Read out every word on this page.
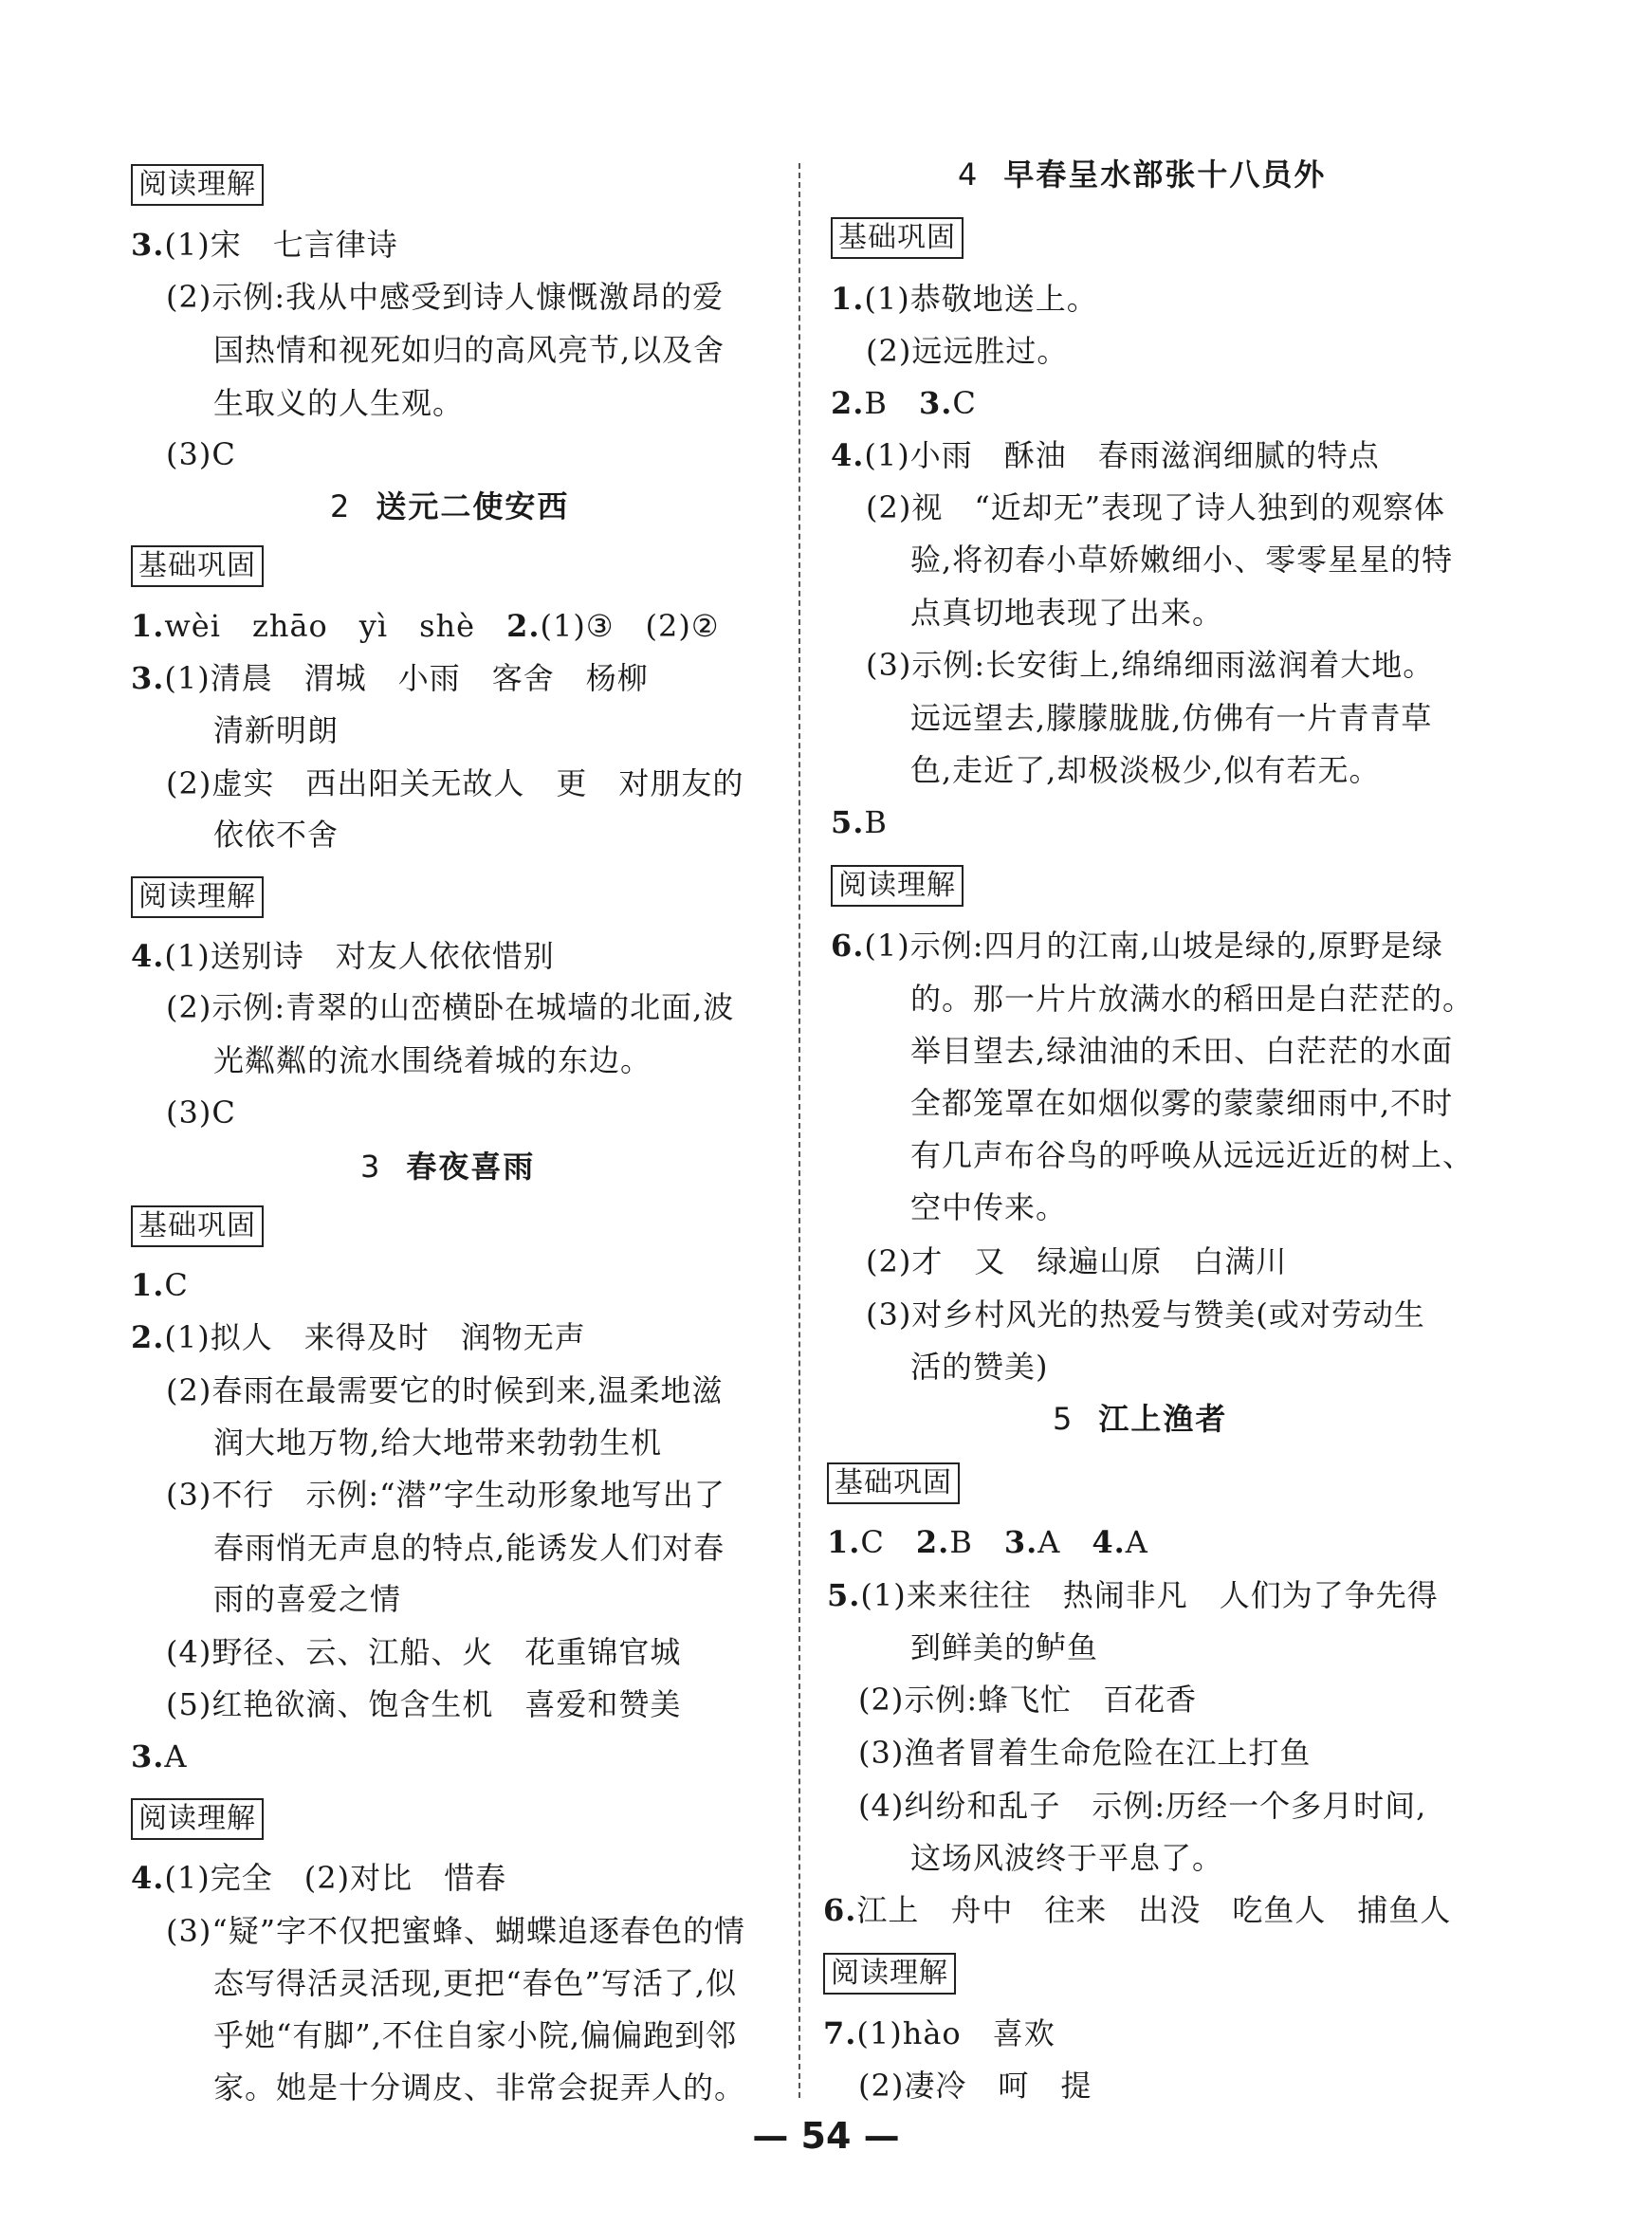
阅读理解
3.(1)宋　七言律诗
(2)示例:我从中感受到诗人慷慨激昂的爱
国热情和视死如归的高风亮节,以及舍
生取义的人生观。
(3)C
2 送元二使安西
基础巩固
1.wèi　zhāo　yì　shè　2.(1)③　(2)②
3.(1)清晨　渭城　小雨　客舍　杨柳
清新明朗
(2)虚实　西出阳关无故人　更　对朋友的
依依不舍
阅读理解
4.(1)送别诗　对友人依依惜别
(2)示例:青翠的山峦横卧在城墙的北面,波
光粼粼的流水围绕着城的东边。
(3)C
3 春夜喜雨
基础巩固
1.C
2.(1)拟人　来得及时　润物无声
(2)春雨在最需要它的时候到来,温柔地滋
润大地万物,给大地带来勃勃生机
(3)不行　示例:“潜”字生动形象地写出了
春雨悄无声息的特点,能诱发人们对春
雨的喜爱之情
(4)野径、云、江船、火　花重锦官城
(5)红艳欲滴、饱含生机　喜爱和赞美
3.A
阅读理解
4.(1)完全　(2)对比　惜春
(3)“疑”字不仅把蜜蜂、蝴蝶追逐春色的情
态写得活灵活现,更把“春色”写活了,似
乎她“有脚”,不住自家小院,偏偏跑到邻
家。她是十分调皮、非常会捉弄人的。
4 早春呈水部张十八员外
基础巩固
1.(1)恭敬地送上。
(2)远远胜过。
2.B　3.C
4.(1)小雨　酥油　春雨滋润细腻的特点
(2)视　“近却无”表现了诗人独到的观察体
验,将初春小草娇嫩细小、零零星星的特
点真切地表现了出来。
(3)示例:长安街上,绵绵细雨滋润着大地。
远远望去,朦朦胧胧,仿佛有一片青青草
色,走近了,却极淡极少,似有若无。
5.B
阅读理解
6.(1)示例:四月的江南,山坡是绿的,原野是绿
的。那一片片放满水的稻田是白茫茫的。
举目望去,绿油油的禾田、白茫茫的水面
全都笼罩在如烟似雾的蒙蒙细雨中,不时
有几声布谷鸟的呼唤从远远近近的树上、
空中传来。
(2)才　又　绿遍山原　白满川
(3)对乡村风光的热爱与赞美(或对劳动生
活的赞美)
5 江上渔者
基础巩固
1.C　2.B　3.A　4.A
5.(1)来来往往　热闹非凡　人们为了争先得
到鲜美的鲈鱼
(2)示例:蜂飞忙　百花香
(3)渔者冒着生命危险在江上打鱼
(4)纠纷和乱子　示例:历经一个多月时间,
这场风波终于平息了。
6.江上　舟中　往来　出没　吃鱼人　捕鱼人
阅读理解
7.(1)hào　喜欢
(2)凄冷　呵　提
— 54 —
